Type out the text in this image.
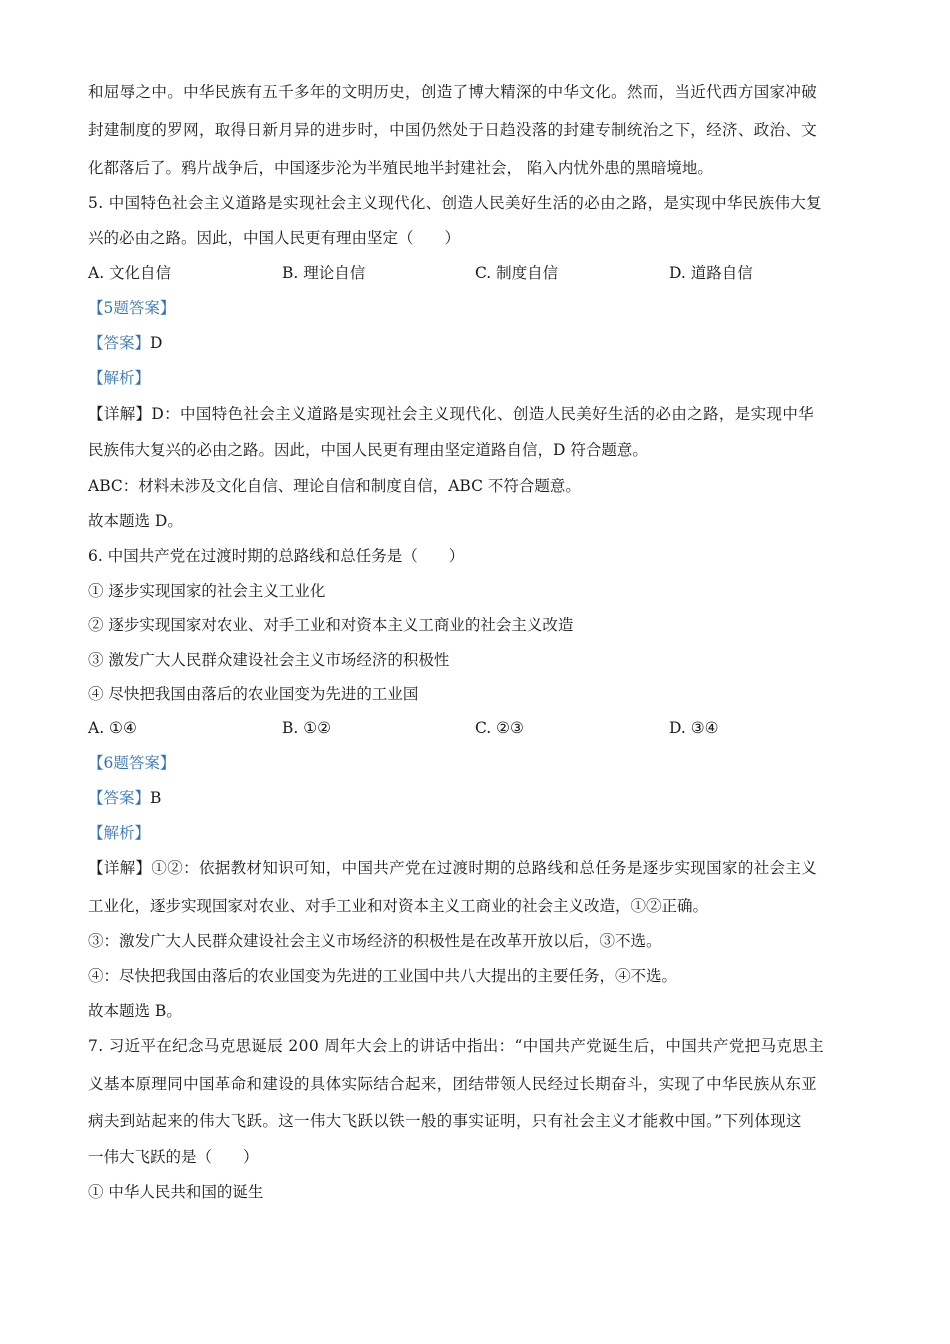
和屈辱之中。中华民族有五千多年的文明历史，创造了博大精深的中华文化。然而，当近代西方国家冲破
封建制度的罗网，取得日新月异的进步时，中国仍然处于日趋没落的封建专制统治之下，经济、政治、文
化都落后了。鸦片战争后，中国逐步沦为半殖民地半封建社会， 陷入内忧外患的黑暗境地。
5. 中国特色社会主义道路是实现社会主义现代化、创造人民美好生活的必由之路，是实现中华民族伟大复
兴的必由之路。因此，中国人民更有理由坚定（　　）
A. 文化自信	B. 理论自信	C. 制度自信	D. 道路自信
【5题答案】
【答案】D
【解析】
【详解】D：中国特色社会主义道路是实现社会主义现代化、创造人民美好生活的必由之路，是实现中华
民族伟大复兴的必由之路。因此，中国人民更有理由坚定道路自信，D 符合题意。
ABC：材料未涉及文化自信、理论自信和制度自信，ABC 不符合题意。
故本题选 D。
6. 中国共产党在过渡时期的总路线和总任务是（　　）
① 逐步实现国家的社会主义工业化
② 逐步实现国家对农业、对手工业和对资本主义工商业的社会主义改造
③ 激发广大人民群众建设社会主义市场经济的积极性
④ 尽快把我国由落后的农业国变为先进的工业国
A. ①④	B. ①②	C. ②③	D. ③④
【6题答案】
【答案】B
【解析】
【详解】①②：依据教材知识可知，中国共产党在过渡时期的总路线和总任务是逐步实现国家的社会主义
工业化，逐步实现国家对农业、对手工业和对资本主义工商业的社会主义改造，①②正确。
③：激发广大人民群众建设社会主义市场经济的积极性是在改革开放以后，③不选。
④：尽快把我国由落后的农业国变为先进的工业国中共八大提出的主要任务，④不选。
故本题选 B。
7. 习近平在纪念马克思诞辰 200 周年大会上的讲话中指出：“中国共产党诞生后，中国共产党把马克思主
义基本原理同中国革命和建设的具体实际结合起来，团结带领人民经过长期奋斗，实现了中华民族从东亚
病夫到站起来的伟大飞跃。这一伟大飞跃以铁一般的事实证明，只有社会主义才能救中国。”下列体现这
一伟大飞跃的是（　　）
① 中华人民共和国的诞生
